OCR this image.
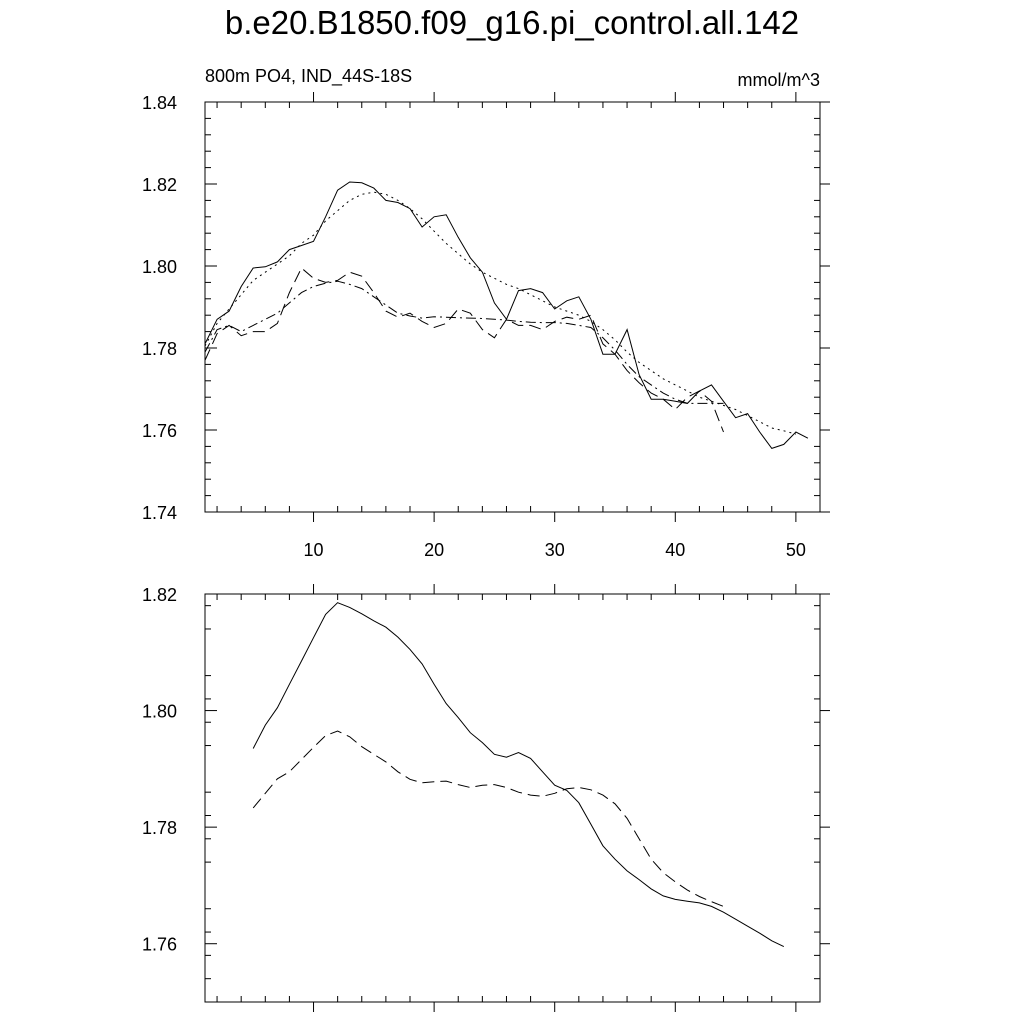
b.e20.B1850.f09_g16.pi_control.all.142
800m PO4, IND_44S-18S	mmol/m^3
10	20	30	40	50
1.74
1.76
1.78
1.80
1.82
1.84
1.76
1.78
1.80
1.82
